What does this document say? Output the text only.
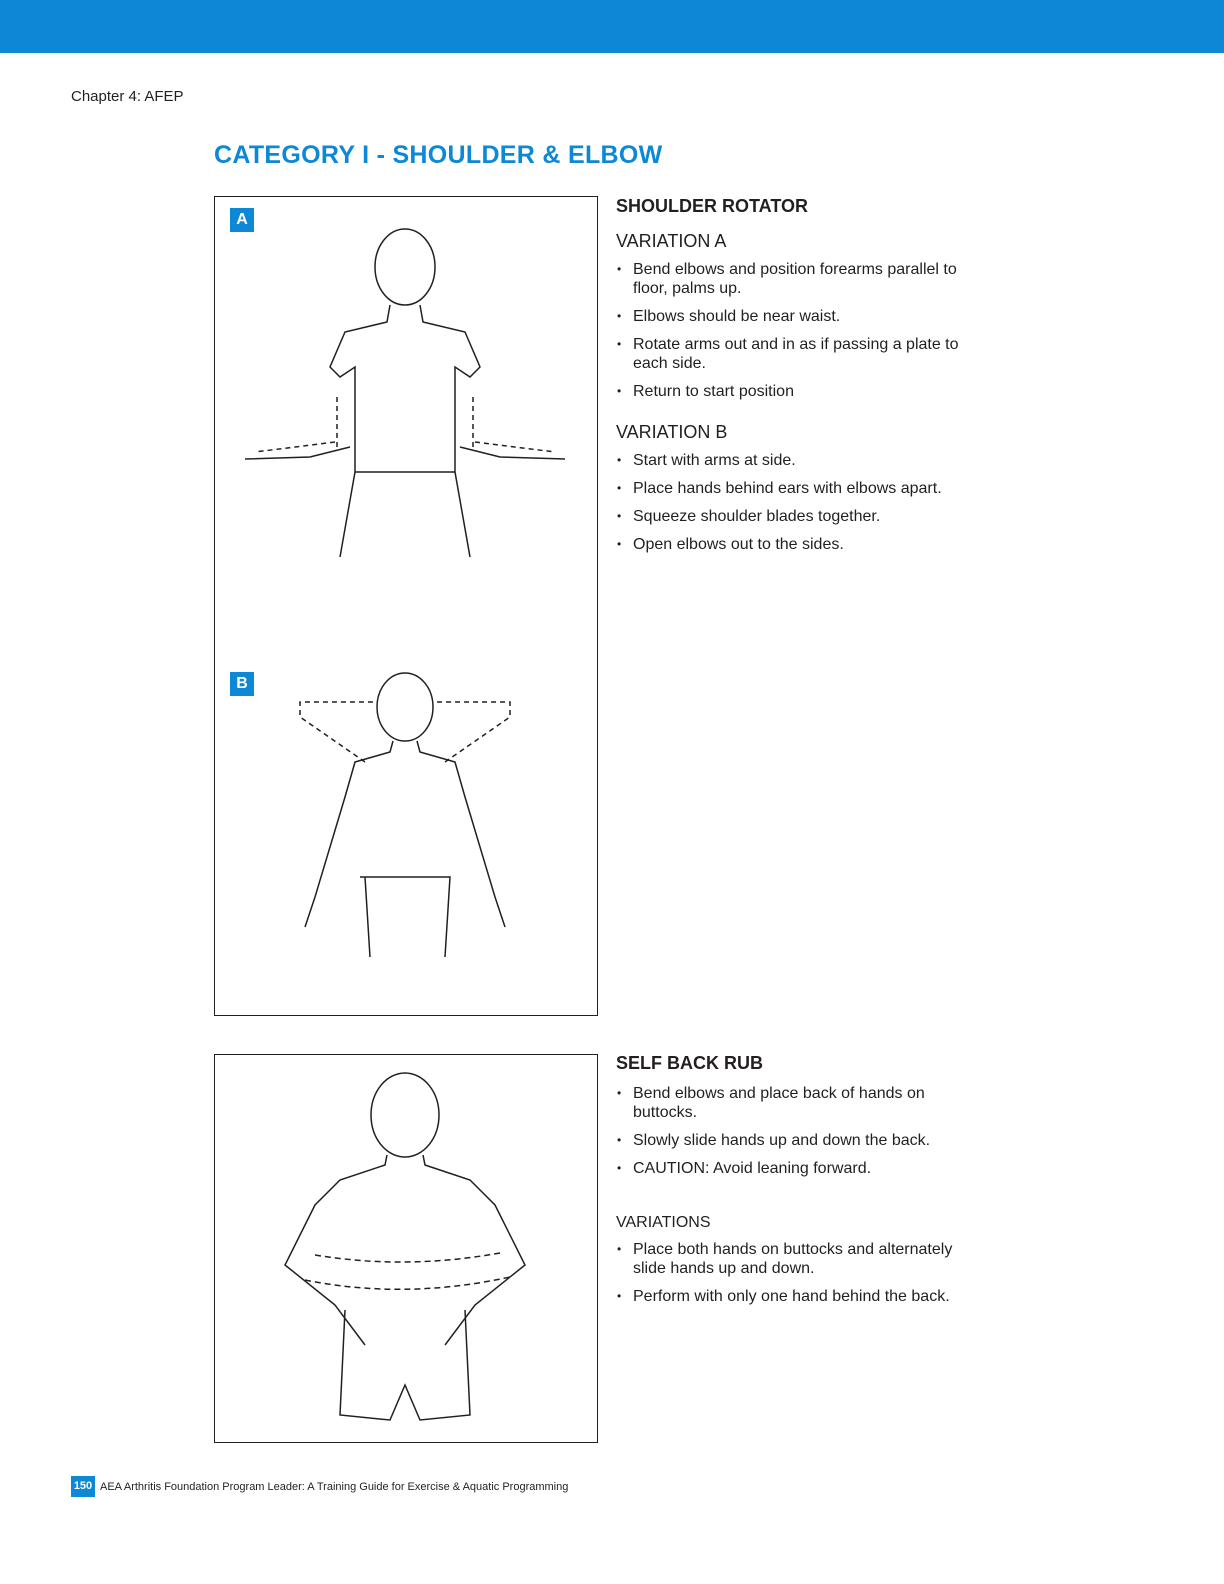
Chapter 4: AFEP
CATEGORY I - SHOULDER & ELBOW
A
B
SHOULDER ROTATOR
VARIATION A
• Bend elbows and position forearms parallel to floor, palms up.
• Elbows should be near waist.
• Rotate arms out and in as if passing a plate to each side.
• Return to start position
VARIATION B
• Start with arms at side.
• Place hands behind ears with elbows apart.
• Squeeze shoulder blades together.
• Open elbows out to the sides.
SELF BACK RUB
• Bend elbows and place back of hands on buttocks.
• Slowly slide hands up and down the back.
• CAUTION: Avoid leaning forward.
VARIATIONS
• Place both hands on buttocks and alternately slide hands up and down.
• Perform with only one hand behind the back.
150 AEA Arthritis Foundation Program Leader: A Training Guide for Exercise & Aquatic Programming
